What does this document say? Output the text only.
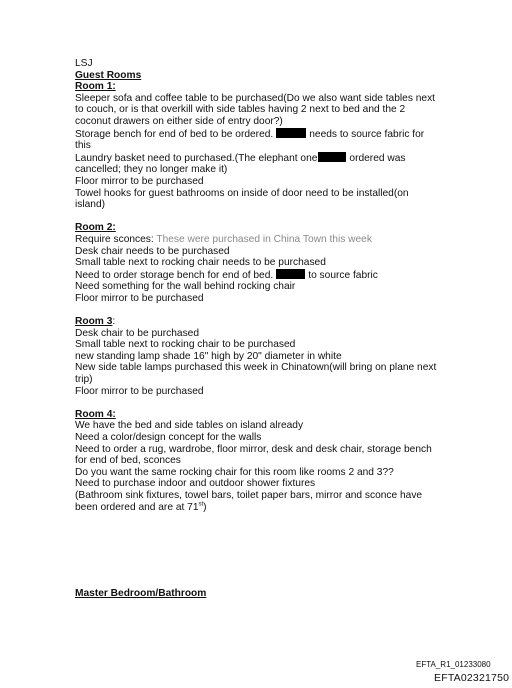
LSJ
Guest Rooms
Room 1:
Sleeper sofa and coffee table to be purchased(Do we also want side tables next
to couch, or is that overkill with side tables having 2 next to bed and the 2
coconut drawers on either side of entry door?)
Storage bench for end of bed to be ordered.	needs to source fabric for
this
Laundry basket need to purchased.(The elephant one	ordered was
cancelled; they no longer make it)
Floor mirror to be purchased
Towel hooks for guest bathrooms on inside of door need to be installed(on
island)
Room 2:
Require sconces: These were purchased in China Town this week
Desk chair needs to be purchased
Small table next to rocking chair needs to be purchased
Need to order storage bench for end of bed.	to source fabric
Need something for the wall behind rocking chair
Floor mirror to be purchased
Room 3:
Desk chair to be purchased
Small table next to rocking chair to be purchased
new standing lamp shade 16" high by 20" diameter in white
New side table lamps purchased this week in Chinatown(will bring on plane next
trip)
Floor mirror to be purchased
Room 4:
We have the bed and side tables on island already
Need a color/design concept for the walls
Need to order a rug, wardrobe, floor mirror, desk and desk chair, storage bench
for end of bed, sconces
Do you want the same rocking chair for this room like rooms 2 and 3??
Need to purchase indoor and outdoor shower fixtures
(Bathroom sink fixtures, towel bars, toilet paper bars, mirror and sconce have
been ordered and are at 71st)
Master Bedroom/Bathroom
EFTA_R1_01233080
EFTA02321750
